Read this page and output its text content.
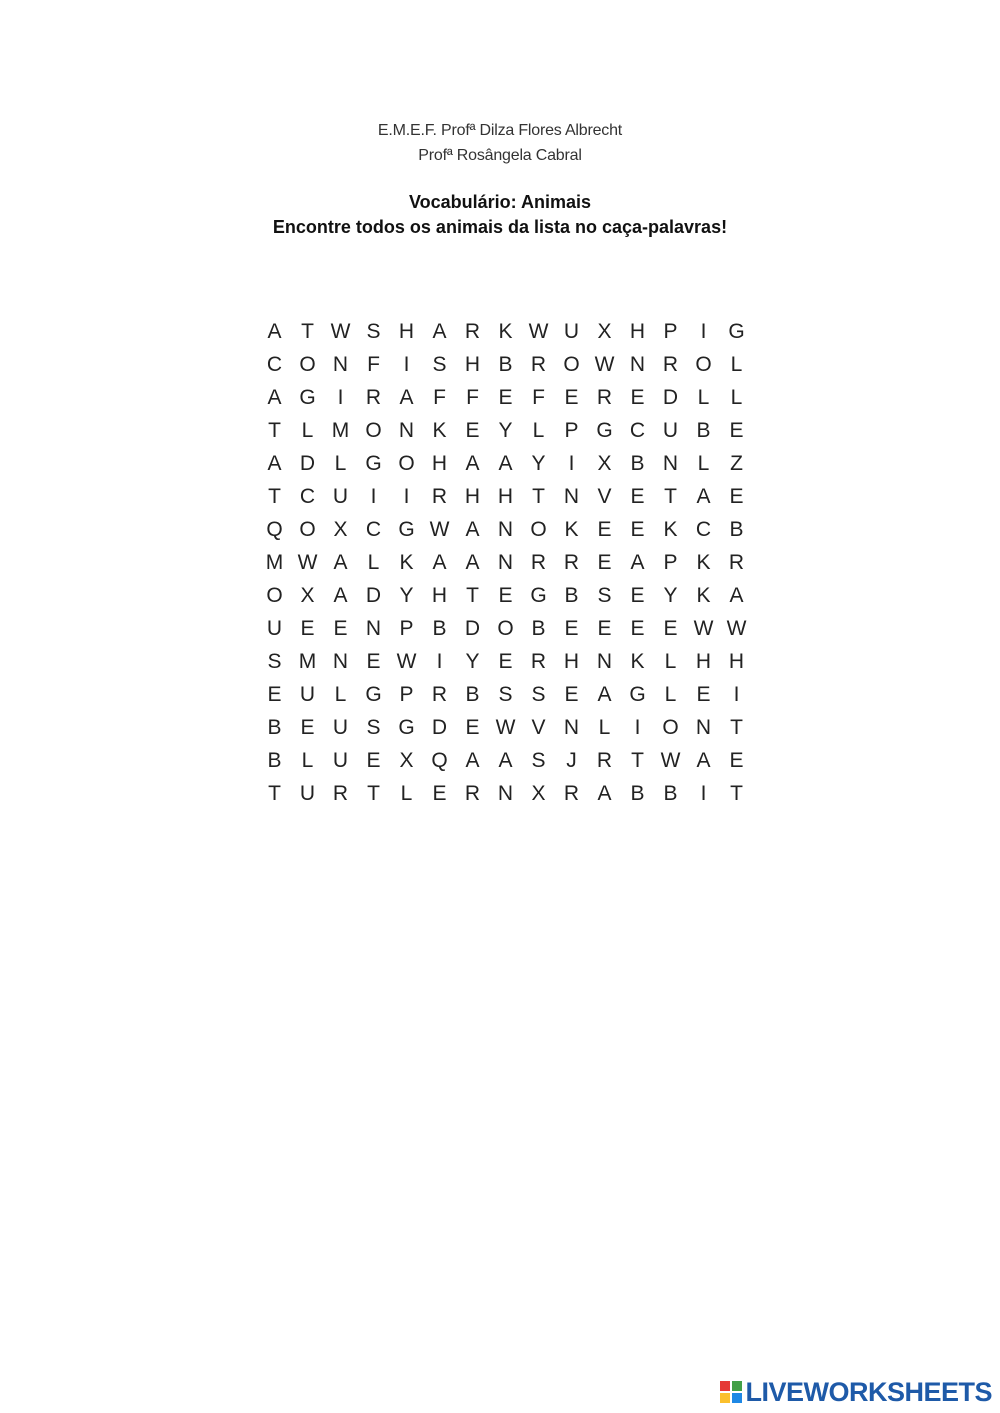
E.M.E.F. Profª Dilza Flores Albrecht
Profª Rosângela Cabral
Vocabulário: Animais
Encontre todos os animais da lista no caça-palavras!
A T W S H A R K W U X H P	I	G
C O N F	I	S H B R O W N R O L
A G	I	R A F F E F E R E D L	L
T L M O N K E Y L P G C U B E
A D L G O H A A Y	I	X B N L Z
T C U	I	I	R H H T N V E T A E
Q O X C G W A N O K E E K C B
M W A L K A A N R R E A P K R
O X A D Y H T E G B S E Y K A
U E E N P B D O B E E E E W W
S M N E W I	Y E R H N K L H H
E U L G P R B S S E A G L E	I
B E U S G D E W V N L	I	O N T
B L U E X Q A A S J R T W A E
T U R T L E R N X R A B B	I	T
LIVEWORKSHEETS
